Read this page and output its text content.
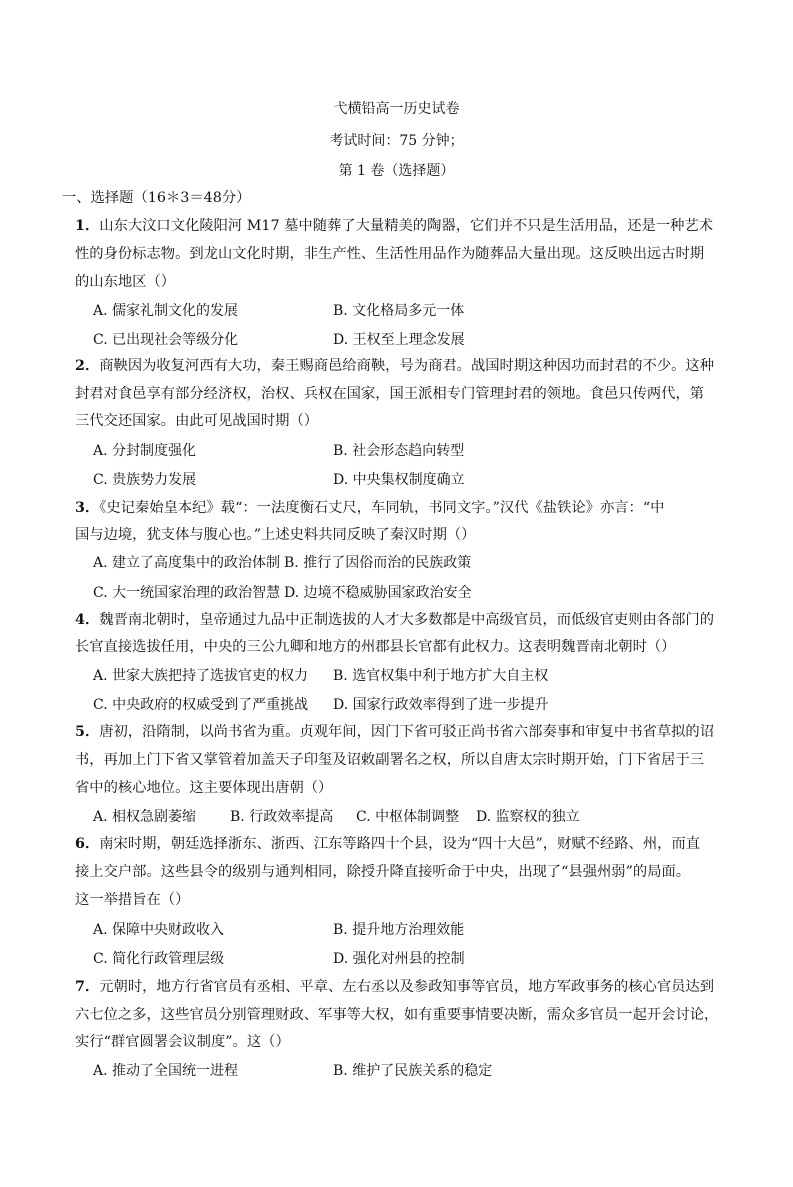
弋横铅高一历史试卷
考试时间：75 分钟；
第 1 卷（选择题）
一、选择题（16＊3＝48分）
1．山东大汶口文化陵阳河 M17 墓中随葬了大量精美的陶器，它们并不只是生活用品，还是一种艺术
性的身份标志物。到龙山文化时期，非生产性、生活性用品作为随葬品大量出现。这反映出远古时期
的山东地区（）
A. 儒家礼制文化的发展	B. 文化格局多元一体
C. 已出现社会等级分化	D. 王权至上理念发展
2．商鞅因为收复河西有大功，秦王赐商邑给商鞅，号为商君。战国时期这种因功而封君的不少。这种
封君对食邑享有部分经济权，治权、兵权在国家，国王派相专门管理封君的领地。食邑只传两代，第
三代交还国家。由此可见战国时期（）
A. 分封制度强化	B. 社会形态趋向转型
C. 贵族势力发展	D. 中央集权制度确立
3．《史记秦始皇本纪》载“：一法度衡石丈尺，车同轨，书同文字。”汉代《盐铁论》亦言：“中
国与边境，犹支体与腹心也。”上述史料共同反映了秦汉时期（）
A. 建立了高度集中的政治体制 B. 推行了因俗而治的民族政策
C. 大一统国家治理的政治智慧 D. 边境不稳威胁国家政治安全
4．魏晋南北朝时，皇帝通过九品中正制选拔的人才大多数都是中高级官员，而低级官吏则由各部门的
长官直接选拔任用，中央的三公九卿和地方的州郡县长官都有此权力。这表明魏晋南北朝时（）
A. 世家大族把持了选拔官吏的权力 B. 选官权集中利于地方扩大自主权
C. 中央政府的权威受到了严重挑战 D. 国家行政效率得到了进一步提升
5．唐初，沿隋制，以尚书省为重。贞观年间，因门下省可驳正尚书省六部奏事和审复中书省草拟的诏
书，再加上门下省又掌管着加盖天子印玺及诏敕副署名之权，所以自唐太宗时期开始，门下省居于三
省中的核心地位。这主要体现出唐朝（）
A. 相权急剧萎缩 B. 行政效率提高 C. 中枢体制调整 D. 监察权的独立
6．南宋时期，朝廷选择浙东、浙西、江东等路四十个县，设为“四十大邑”，财赋不经路、州，而直
接上交户部。这些县令的级别与通判相同，除授升降直接听命于中央，出现了“县强州弱”的局面。
这一举措旨在（）
A. 保障中央财政收入	B. 提升地方治理效能
C. 简化行政管理层级	D. 强化对州县的控制
7．元朝时，地方行省官员有丞相、平章、左右丞以及参政知事等官员，地方军政事务的核心官员达到
六七位之多，这些官员分别管理财政、军事等大权，如有重要事情要决断，需众多官员一起开会讨论，
实行“群官圆署会议制度”。这（）
A. 推动了全国统一进程	B. 维护了民族关系的稳定
